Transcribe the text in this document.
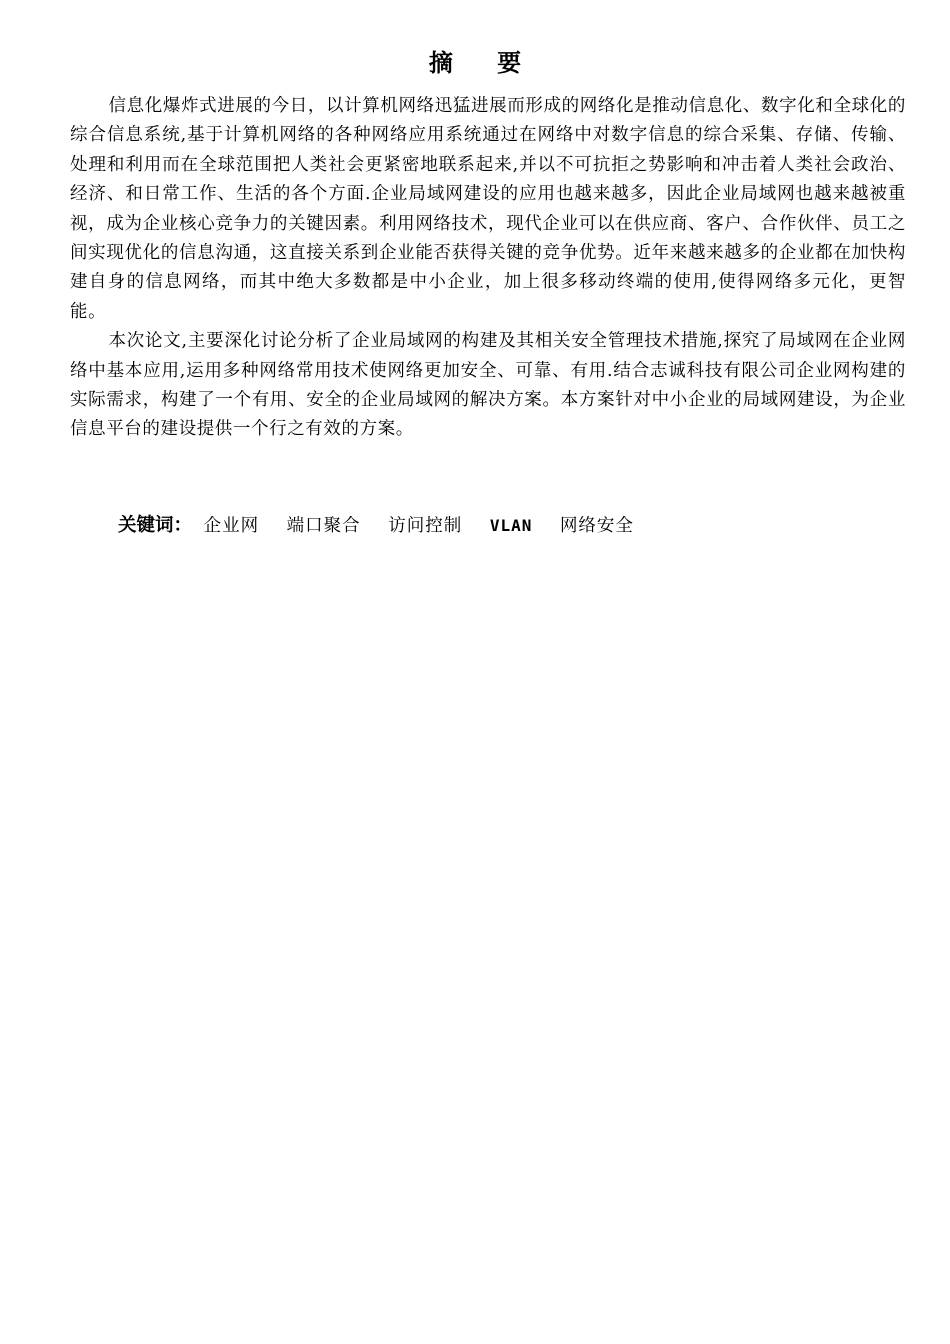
摘 要

信息化爆炸式进展的今日，以计算机网络迅猛进展而形成的网络化是推动信息化、数字化和全球化的综合信息系统,基于计算机网络的各种网络应用系统通过在网络中对数字信息的综合采集、存储、传输、处理和利用而在全球范围把人类社会更紧密地联系起来,并以不可抗拒之势影响和冲击着人类社会政治、经济、和日常工作、生活的各个方面.企业局域网建设的应用也越来越多，因此企业局域网也越来越被重视，成为企业核心竞争力的关键因素。利用网络技术，现代企业可以在供应商、客户、合作伙伴、员工之间实现优化的信息沟通，这直接关系到企业能否获得关键的竞争优势。近年来越来越多的企业都在加快构建自身的信息网络，而其中绝大多数都是中小企业，加上很多移动终端的使用,使得网络多元化，更智能。

本次论文,主要深化讨论分析了企业局域网的构建及其相关安全管理技术措施,探究了局域网在企业网络中基本应用,运用多种网络常用技术使网络更加安全、可靠、有用.结合志诚科技有限公司企业网构建的实际需求，构建了一个有用、安全的企业局域网的解决方案。本方案针对中小企业的局域网建设，为企业信息平台的建设提供一个行之有效的方案。

关键词： 企业网 端口聚合 访问控制 VLAN 网络安全
